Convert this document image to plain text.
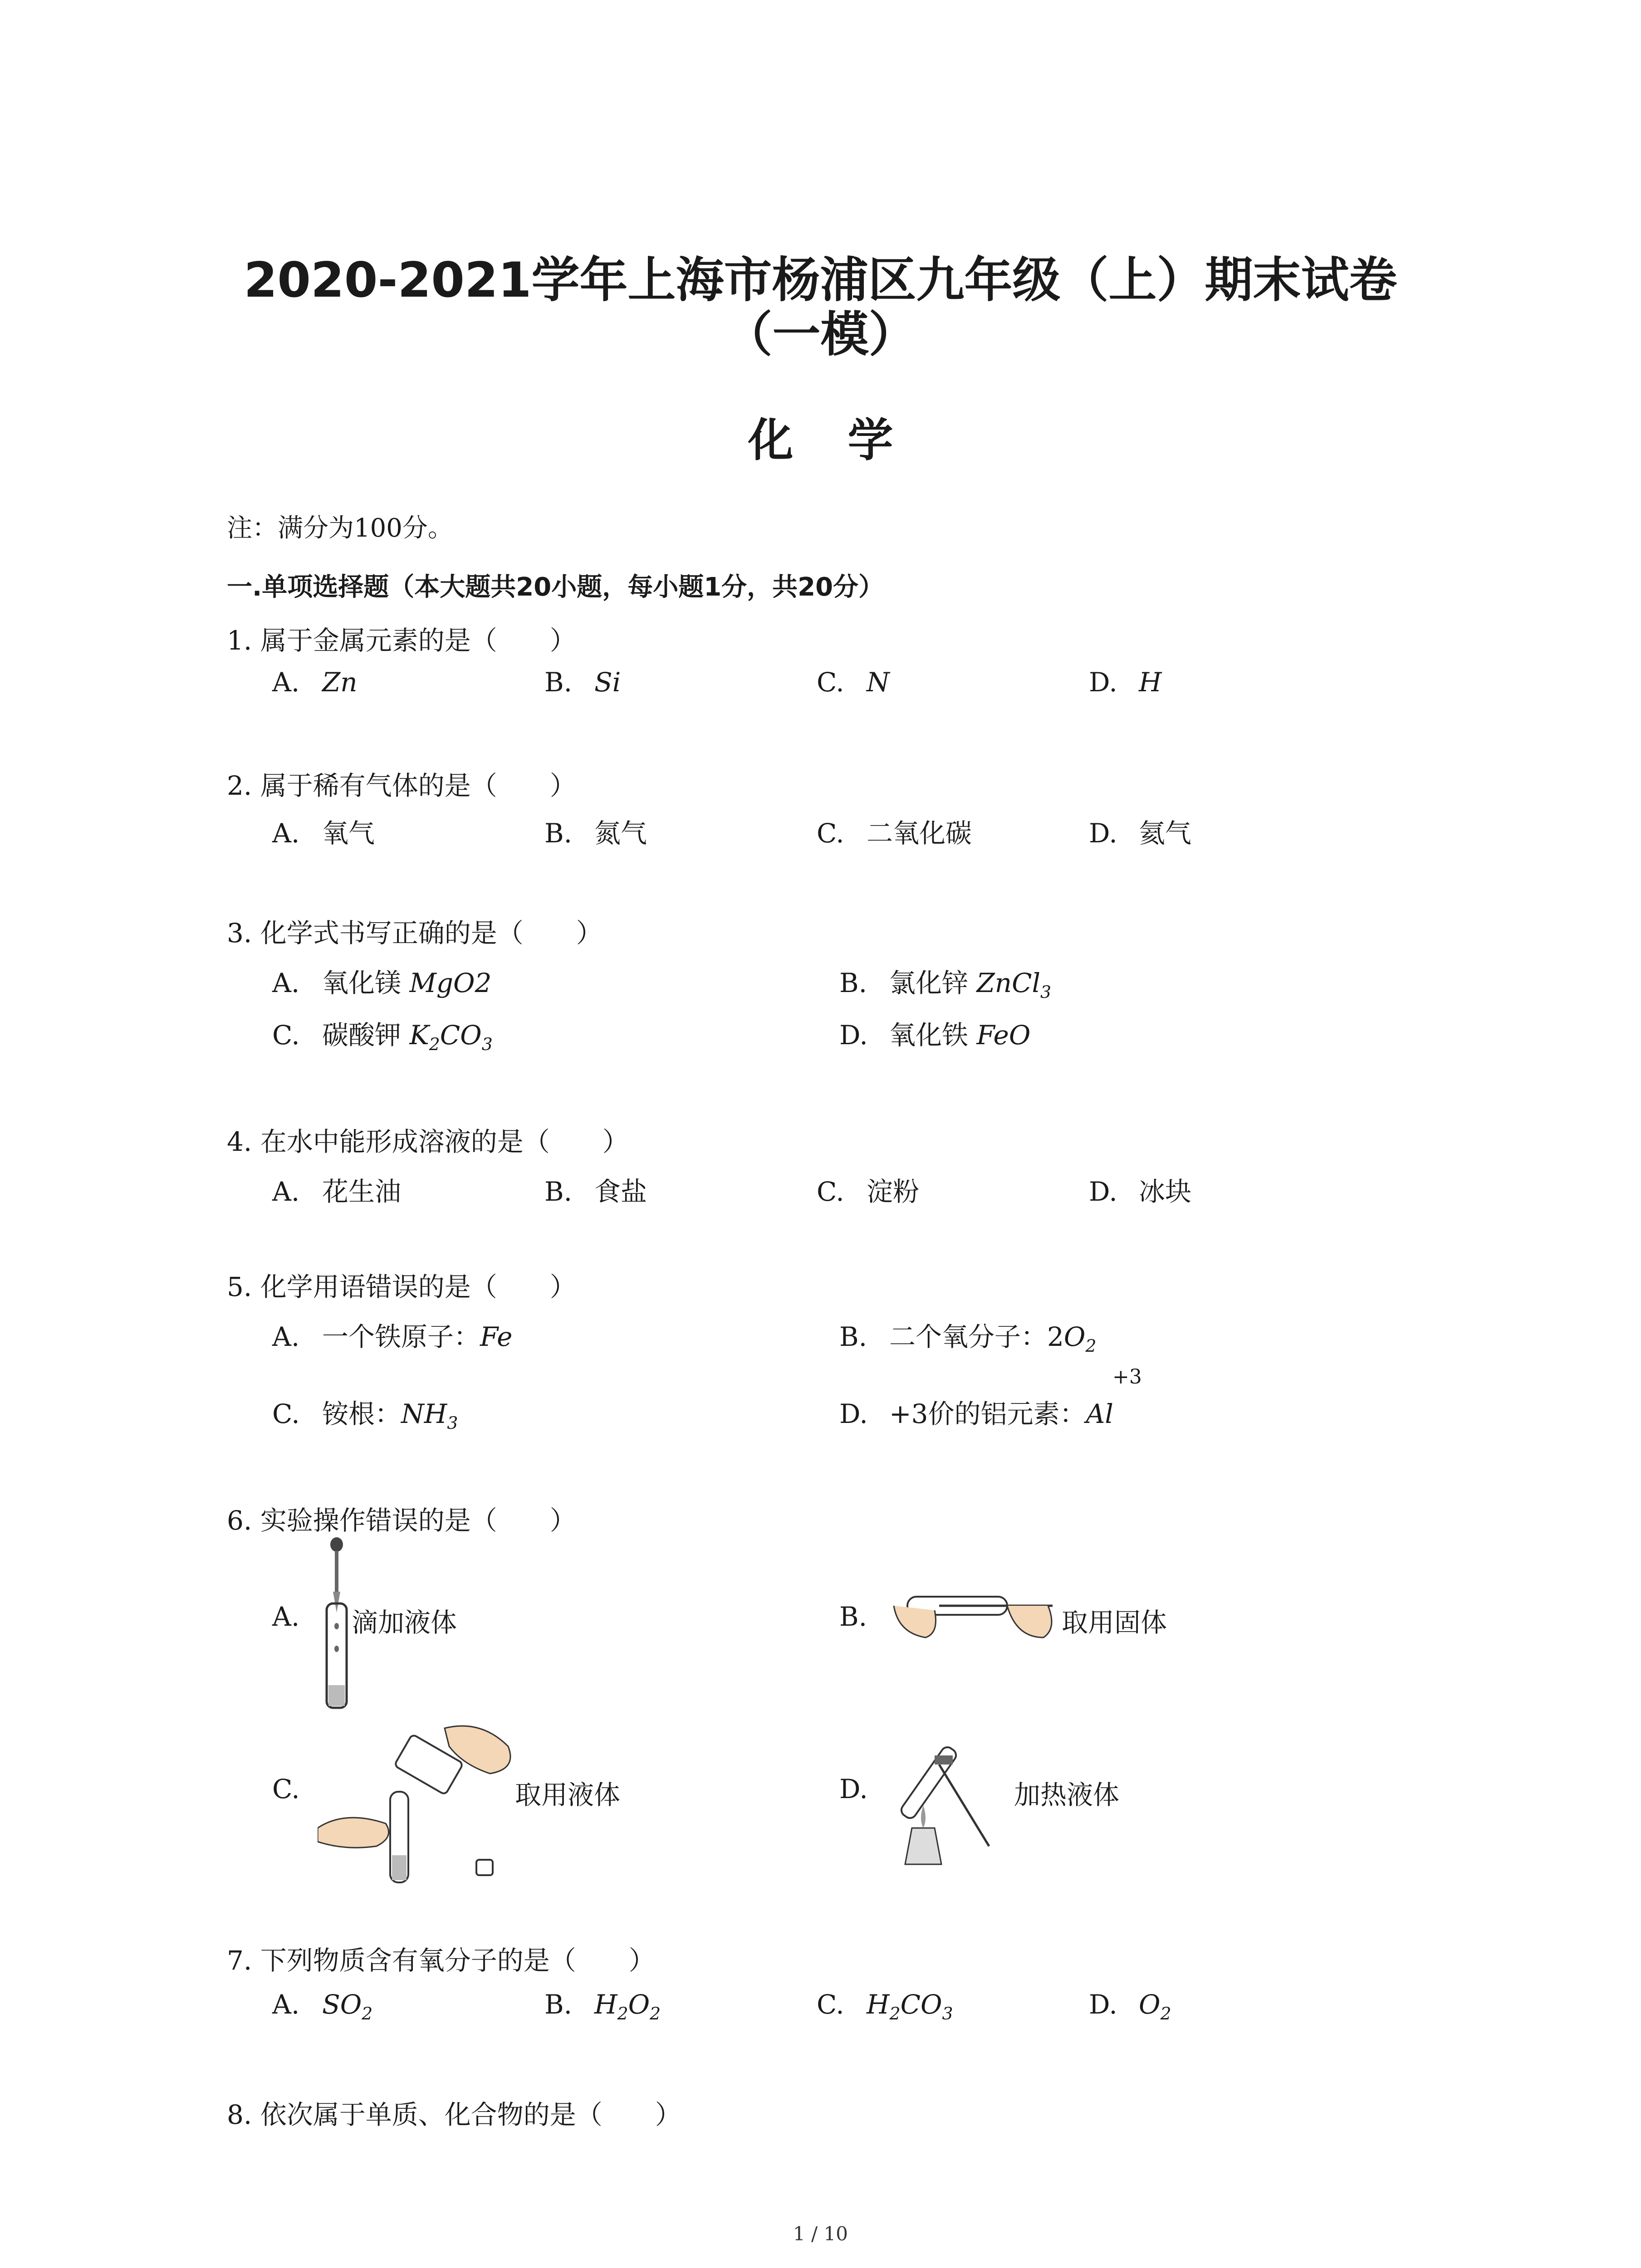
2020-2021学年上海市杨浦区九年级（上）期末试卷
（一模）
化学
注：满分为100分。
一.单项选择题（本大题共20小题，每小题1分，共20分）
1. 属于金属元素的是（　　）
A. Zn	B. Si	C. N	D. H
2. 属于稀有气体的是（　　）
A. 氧气	B. 氮气	C. 二氧化碳	D. 氦气
3. 化学式书写正确的是（　　）
A. 氧化镁 MgO2	B. 氯化锌 ZnCl$_3$
C. 碳酸钾 $K_2CO_3$	D. 氧化铁 FeO
4. 在水中能形成溶液的是（　　）
A. 花生油	B. 食盐	C. 淀粉	D. 冰块
5. 化学用语错误的是（　　）
A. 一个铁原子：Fe	B. 二个氧分子：$2O_2$
C. 铵根：$NH_3$	D. +3价的铝元素：Al
+3
6. 实验操作错误的是（　　）
A. 滴加液体	B.	取用固体
C.	取用液体	D.	加热液体
7. 下列物质含有氧分子的是（　　）
A. $SO_2$	B. $H_2O_2$	C. $H_2CO_3$	D. $O_2$
8. 依次属于单质、化合物的是（　　）
1 / 10
